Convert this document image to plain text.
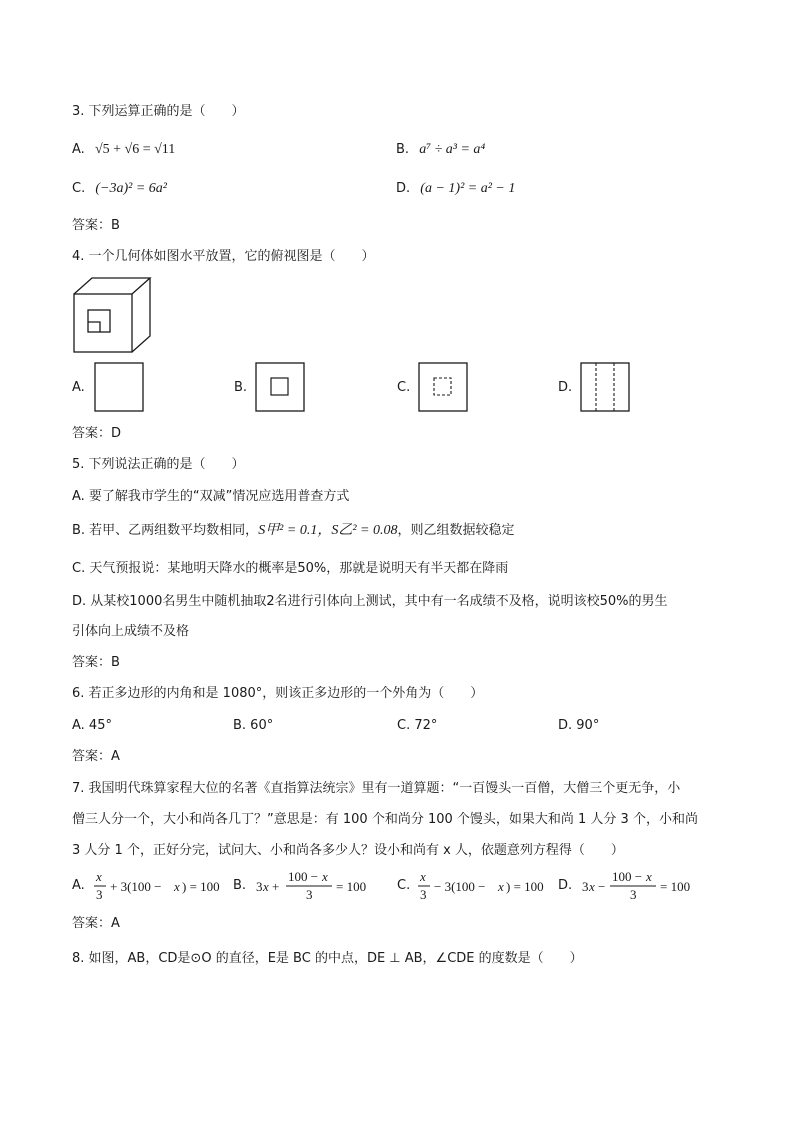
3. 下列运算正确的是（　　）
A. √5 + √6 = √11	B. a⁷ ÷ a³ = a⁴
C. (−3a)² = 6a²	D. (a − 1)² = a² − 1
答案：B
4. 一个几何体如图水平放置，它的俯视图是（　　）
A.	B.	C.	D.
答案：D
5. 下列说法正确的是（　　）
A. 要了解我市学生的“双减”情况应选用普查方式
B. 若甲、乙两组数平均数相同，S甲² = 0.1，S乙² = 0.08，则乙组数据较稳定
C. 天气预报说：某地明天降水的概率是50%，那就是说明天有半天都在降雨
D. 从某校1000名男生中随机抽取2名进行引体向上测试，其中有一名成绩不及格，说明该校50%的男生
引体向上成绩不及格
答案：B
6. 若正多边形的内角和是 1080°，则该正多边形的一个外角为（　　）
A. 45°	B. 60°	C. 72°	D. 90°
答案：A
7. 我国明代珠算家程大位的名著《直指算法统宗》里有一道算题：“一百馒头一百僧，大僧三个更无争，小
僧三人分一个，大小和尚各几丁？”意思是：有 100 个和尚分 100 个馒头，如果大和尚 1 人分 3 个，小和尚
3 人分 1 个，正好分完，试问大、小和尚各多少人？设小和尚有 x 人，依题意列方程得（　　）
A.
x
3
+ 3(100 − x ) = 100 B. 3 x +
100 − x
3
= 100 C.
x
3
− 3(100 − x ) = 100 D. 3 x −
100 − x
3
= 100
答案：A
8. 如图，AB，CD是⊙O 的直径，E是 BC 的中点，DE ⊥ AB，∠CDE 的度数是（　　）
